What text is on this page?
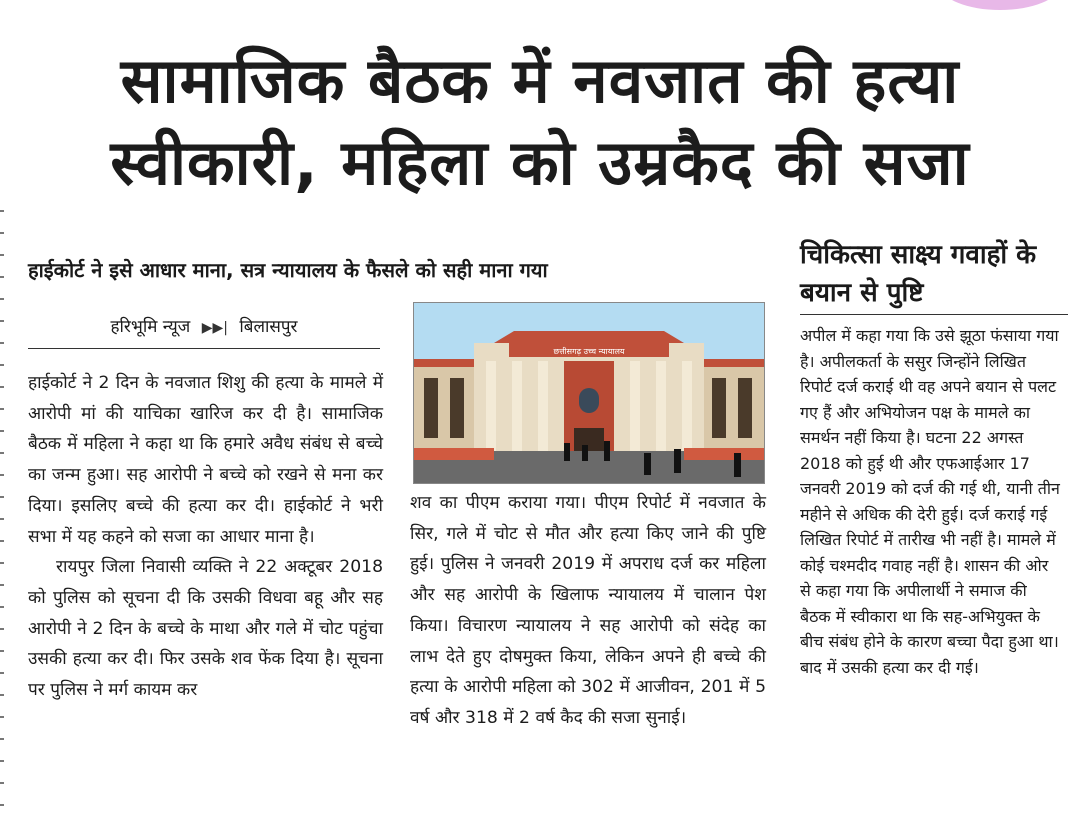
सामाजिक बैठक में नवजात की हत्या स्वीकारी, महिला को उम्रकैद की सजा
हाईकोर्ट ने इसे आधार माना, सत्र न्यायालय के फैसले को सही माना गया
हरिभूमि न्यूज ▶▶| बिलासपुर

हाईकोर्ट ने 2 दिन के नवजात शिशु की हत्या के मामले में आरोपी मां की याचिका खारिज कर दी है। सामाजिक बैठक में महिला ने कहा था कि हमारे अवैध संबंध से बच्चे का जन्म हुआ। सह आरोपी ने बच्चे को रखने से मना कर दिया। इसलिए बच्चे की हत्या कर दी। हाईकोर्ट ने भरी सभा में यह कहने को सजा का आधार माना है।

रायपुर जिला निवासी व्यक्ति ने 22 अक्टूबर 2018 को पुलिस को सूचना दी कि उसकी विधवा बहू और सह आरोपी ने 2 दिन के बच्चे के माथा और गले में चोट पहुंचा उसकी हत्या कर दी। फिर उसके शव फेंक दिया है। सूचना पर पुलिस ने मर्ग कायम कर

छत्तीसगढ़ उच्च न्यायालय

शव का पीएम कराया गया। पीएम रिपोर्ट में नवजात के सिर, गले में चोट से मौत और हत्या किए जाने की पुष्टि हुई। पुलिस ने जनवरी 2019 में अपराध दर्ज कर महिला और सह आरोपी के खिलाफ न्यायालय में चालान पेश किया। विचारण न्यायालय ने सह आरोपी को संदेह का लाभ देते हुए दोषमुक्त किया, लेकिन अपने ही बच्चे की हत्या के आरोपी महिला को 302 में आजीवन, 201 में 5 वर्ष और 318 में 2 वर्ष कैद की सजा सुनाई।

चिकित्सा साक्ष्य गवाहों के बयान से पुष्टि

अपील में कहा गया कि उसे झूठा फंसाया गया है। अपीलकर्ता के ससुर जिन्होंने लिखित रिपोर्ट दर्ज कराई थी वह अपने बयान से पलट गए हैं और अभियोजन पक्ष के मामले का समर्थन नहीं किया है। घटना 22 अगस्त 2018 को हुई थी और एफआईआर 17 जनवरी 2019 को दर्ज की गई थी, यानी तीन महीने से अधिक की देरी हुई। दर्ज कराई गई लिखित रिपोर्ट में तारीख भी नहीं है। मामले में कोई चश्मदीद गवाह नहीं है। शासन की ओर से कहा गया कि अपीलार्थी ने समाज की बैठक में स्वीकारा था कि सह-अभियुक्त के बीच संबंध होने के कारण बच्चा पैदा हुआ था। बाद में उसकी हत्या कर दी गई।
